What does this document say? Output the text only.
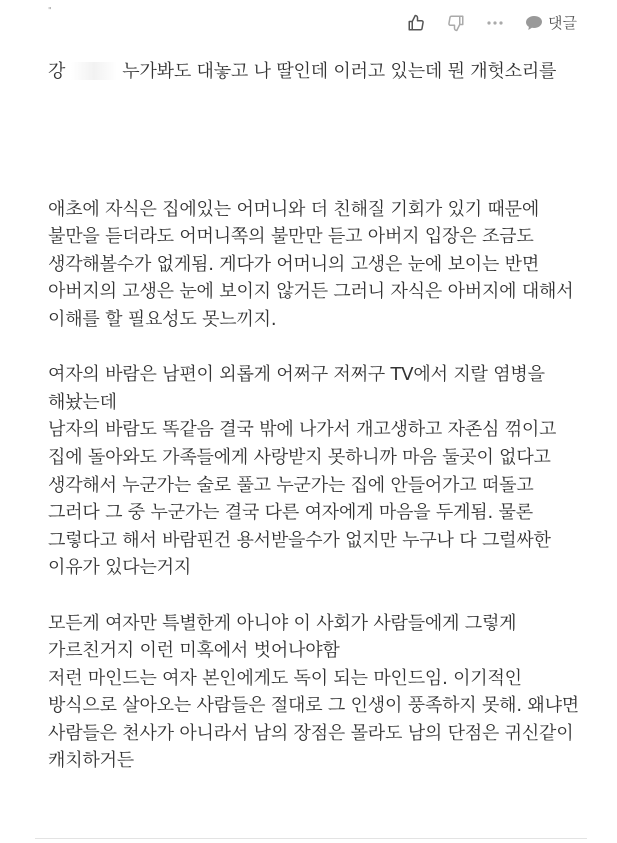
"
댓글

강	누가봐도 대놓고 나 딸인데 이러고 있는데 뭔 개헛소리를

애초에 자식은 집에있는 어머니와 더 친해질 기회가 있기 때문에 불만을 듣더라도 어머니쪽의 불만만 듣고 아버지 입장은 조금도 생각해볼수가 없게됨. 게다가 어머니의 고생은 눈에 보이는 반면 아버지의 고생은 눈에 보이지 않거든 그러니 자식은 아버지에 대해서 이해를 할 필요성도 못느끼지.

여자의 바람은 남편이 외롭게 어쩌구 저쩌구 TV에서 지랄 염병을 해놨는데

남자의 바람도 똑같음 결국 밖에 나가서 개고생하고 자존심 꺾이고 집에 돌아와도 가족들에게 사랑받지 못하니까 마음 둘곳이 없다고 생각해서 누군가는 술로 풀고 누군가는 집에 안들어가고 떠돌고 그러다 그 중 누군가는 결국 다른 여자에게 마음을 두게됨. 물론 그렇다고 해서 바람핀건 용서받을수가 없지만 누구나 다 그럴싸한 이유가 있다는거지

모든게 여자만 특별한게 아니야 이 사회가 사람들에게 그렇게 가르친거지 이런 미혹에서 벗어나야함

저런 마인드는 여자 본인에게도 독이 되는 마인드임. 이기적인 방식으로 살아오는 사람들은 절대로 그 인생이 풍족하지 못해. 왜냐면 사람들은 천사가 아니라서 남의 장점은 몰라도 남의 단점은 귀신같이 캐치하거든
